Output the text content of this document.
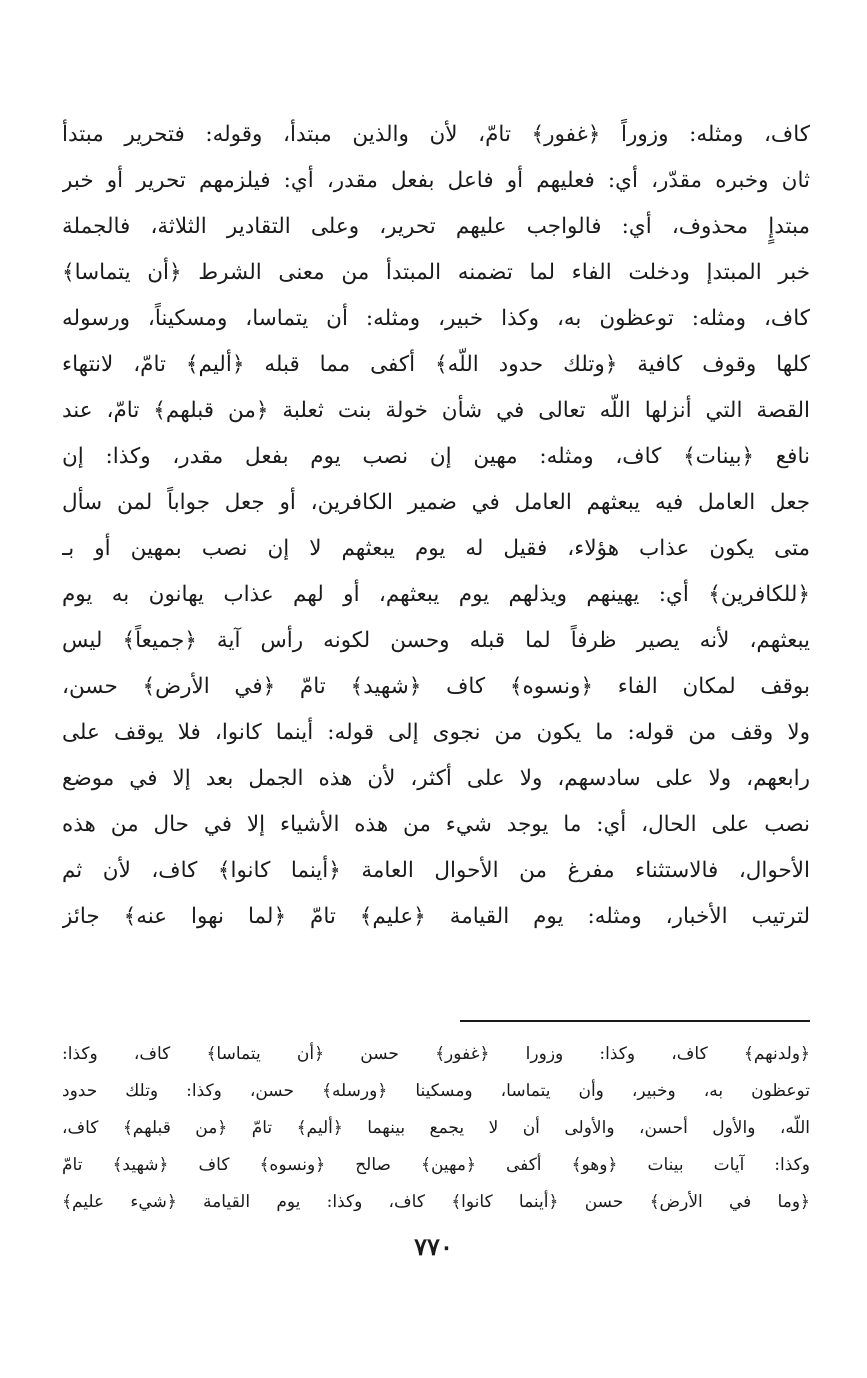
كاف، ومثله: وزوراً ﴿غفور﴾ تامّ، لأن والذين مبتدأ، وقوله: فتحرير مبتدأ
ثان وخبره مقدّر، أي: فعليهم أو فاعل بفعل مقدر، أي: فيلزمهم تحرير أو خبر
مبتدإٍ محذوف، أي: فالواجب عليهم تحرير، وعلى التقادير الثلاثة، فالجملة
خبر المبتدإ ودخلت الفاء لما تضمنه المبتدأ من معنى الشرط ﴿أن يتماسا﴾
كاف، ومثله: توعظون به، وكذا خبير، ومثله: أن يتماسا، ومسكيناً، ورسوله
كلها وقوف كافية ﴿وتلك حدود اللّه﴾ أكفى مما قبله ﴿أليم﴾ تامّ، لانتهاء
القصة التي أنزلها اللّه تعالى في شأن خولة بنت ثعلبة ﴿من قبلهم﴾ تامّ، عند
نافع ﴿بينات﴾ كاف، ومثله: مهين إن نصب يوم بفعل مقدر، وكذا: إن
جعل العامل فيه يبعثهم العامل في ضمير الكافرين، أو جعل جواباً لمن سأل
متى يكون عذاب هؤلاء، فقيل له يوم يبعثهم لا إن نصب بمهين أو بـ
﴿للكافرين﴾ أي: يهينهم ويذلهم يوم يبعثهم، أو لهم عذاب يهانون به يوم
يبعثهم، لأنه يصير ظرفاً لما قبله وحسن لكونه رأس آية ﴿جميعاً﴾ ليس
بوقف لمكان الفاء ﴿ونسوه﴾ كاف ﴿شهيد﴾ تامّ ﴿في الأرض﴾ حسن،
ولا وقف من قوله: ما يكون من نجوى إلى قوله: أينما كانوا، فلا يوقف على
رابعهم، ولا على سادسهم، ولا على أكثر، لأن هذه الجمل بعد إلا في موضع
نصب على الحال، أي: ما يوجد شيء من هذه الأشياء إلا في حال من هذه
الأحوال، فالاستثناء مفرغ من الأحوال العامة ﴿أينما كانوا﴾ كاف، لأن ثم
لترتيب الأخبار، ومثله: يوم القيامة ﴿عليم﴾ تامّ ﴿لما نهوا عنه﴾ جائز
﴿ولدنهم﴾ كاف، وكذا: وزورا ﴿غفور﴾ حسن ﴿أن يتماسا﴾ كاف، وكذا:
توعظون به، وخبير، وأن يتماسا، ومسكينا ﴿ورسله﴾ حسن، وكذا: وتلك حدود
اللّه، والأول أحسن، والأولى أن لا يجمع بينهما ﴿أليم﴾ تامّ ﴿من قبلهم﴾ كاف،
وكذا: آيات بينات ﴿وهو﴾ أكفى ﴿مهين﴾ صالح ﴿ونسوه﴾ كاف ﴿شهيد﴾ تامّ
﴿وما في الأرض﴾ حسن ﴿أينما كانوا﴾ كاف، وكذا: يوم القيامة ﴿شيء عليم﴾
٧٧٠
